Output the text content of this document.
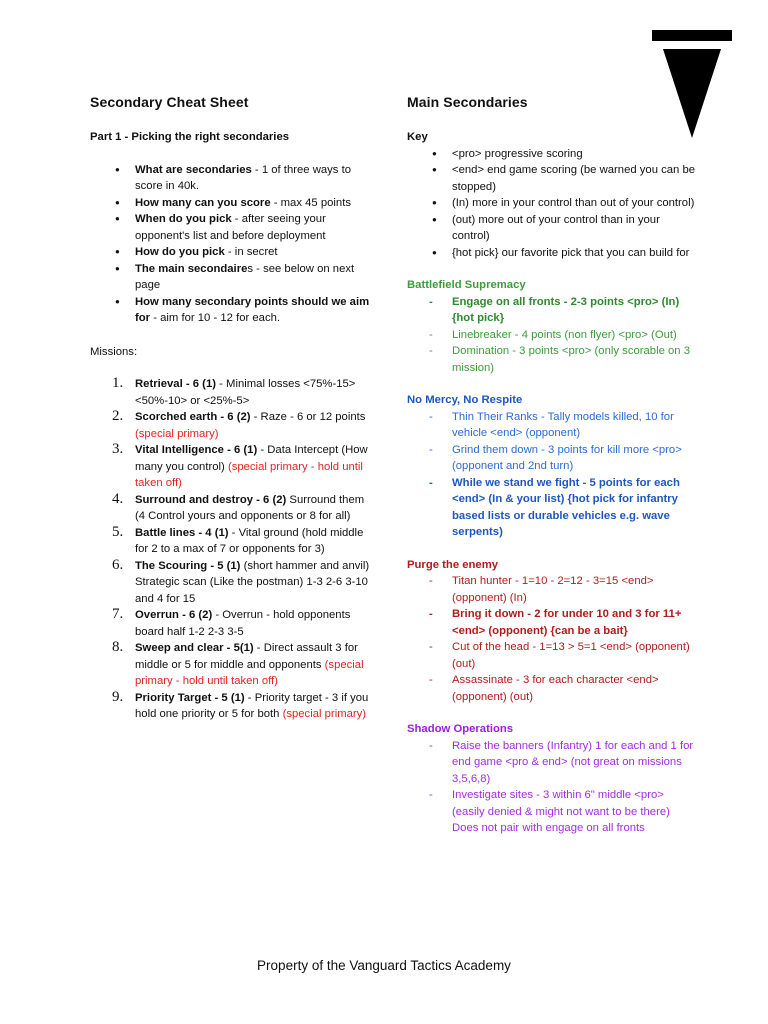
Secondary Cheat Sheet
Part 1 - Picking the right secondaries
● What are secondaries - 1 of three ways to score in 40k.
● How many can you score - max 45 points
● When do you pick - after seeing your opponent's list and before deployment
● How do you pick - in secret
● The main secondaires - see below on next page
● How many secondary points should we aim for - aim for 10 - 12 for each.
Missions:
1. Retrieval - 6 (1) - Minimal losses <75%-15> <50%-10> or <25%-5>
2. Scorched earth - 6 (2) - Raze - 6 or 12 points (special primary)
3. Vital Intelligence - 6 (1) - Data Intercept (How many you control) (special primary - hold until taken off)
4. Surround and destroy - 6 (2) Surround them (4 Control yours and opponents or 8 for all)
5. Battle lines - 4 (1) - Vital ground (hold middle for 2 to a max of 7 or opponents for 3)
6. The Scouring - 5 (1) (short hammer and anvil) Strategic scan (Like the postman) 1-3 2-6 3-10 and 4 for 15
7. Overrun - 6 (2) - Overrun - hold opponents board half 1-2 2-3 3-5
8. Sweep and clear - 5(1) - Direct assault 3 for middle or 5 for middle and opponents (special primary - hold until taken off)
9. Priority Target - 5 (1) - Priority target - 3 if you hold one priority or 5 for both (special primary)
Main Secondaries
Key
● <pro> progressive scoring
● <end> end game scoring (be warned you can be stopped)
● (In) more in your control than out of your control)
● (out) more out of your control than in your control)
● {hot pick} our favorite pick that you can build for
Battlefield Supremacy
- Engage on all fronts - 2-3 points <pro> (In) {hot pick}
- Linebreaker - 4 points (non flyer) <pro> (Out)
- Domination - 3 points <pro> (only scorable on 3 mission)
No Mercy, No Respite
- Thin Their Ranks - Tally models killed, 10 for vehicle <end> (opponent)
- Grind them down - 3 points for kill more <pro> (opponent and 2nd turn)
- While we stand we fight - 5 points for each <end> (In & your list) {hot pick for infantry based lists or durable vehicles e.g. wave serpents)
Purge the enemy
- Titan hunter - 1=10 - 2=12 - 3=15 <end> (opponent) (In)
- Bring it down - 2 for under 10 and 3 for 11+ <end> (opponent) {can be a bait}
- Cut of the head - 1=13 > 5=1 <end> (opponent) (out)
- Assassinate - 3 for each character <end> (opponent) (out)
Shadow Operations
- Raise the banners (Infantry) 1 for each and 1 for end game <pro & end> (not great on missions 3,5,6,8)
- Investigate sites - 3 within 6" middle <pro> (easily denied & might not want to be there) Does not pair with engage on all fronts
Property of the Vanguard Tactics Academy
